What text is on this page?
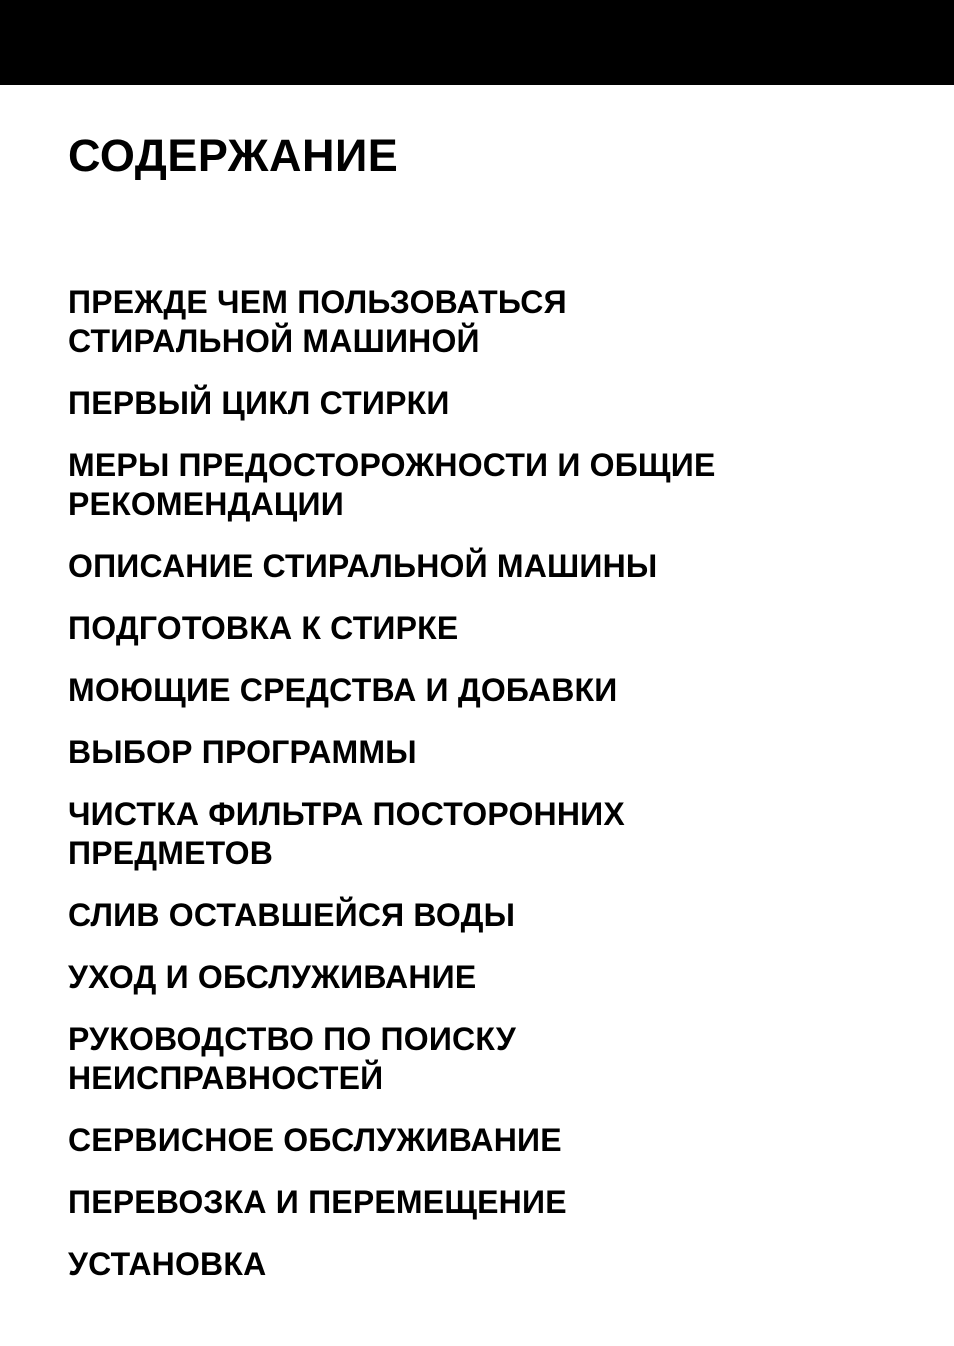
СОДЕРЖАНИЕ
ПРЕЖДЕ ЧЕМ ПОЛЬЗОВАТЬСЯ
СТИРАЛЬНОЙ МАШИНОЙ
ПЕРВЫЙ ЦИКЛ СТИРКИ
МЕРЫ ПРЕДОСТОРОЖНОСТИ И ОБЩИЕ
РЕКОМЕНДАЦИИ
ОПИСАНИЕ СТИРАЛЬНОЙ МАШИНЫ
ПОДГОТОВКА К СТИРКЕ
МОЮЩИЕ СРЕДСТВА И ДОБАВКИ
ВЫБОР ПРОГРАММЫ
ЧИСТКА ФИЛЬТРА ПОСТОРОННИХ
ПРЕДМЕТОВ
СЛИВ ОСТАВШЕЙСЯ ВОДЫ
УХОД И ОБСЛУЖИВАНИЕ
РУКОВОДСТВО ПО ПОИСКУ
НЕИСПРАВНОСТЕЙ
СЕРВИСНОЕ ОБСЛУЖИВАНИЕ
ПЕРЕВОЗКА И ПЕРЕМЕЩЕНИЕ
УСТАНОВКА
